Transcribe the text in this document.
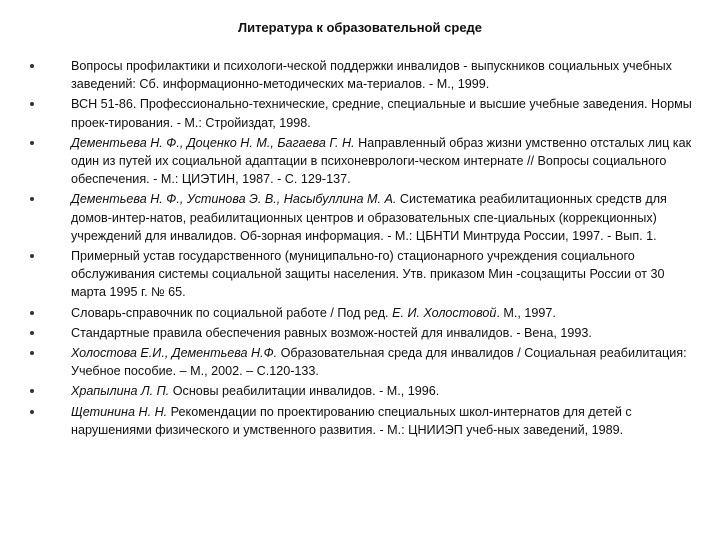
Литература к образовательной среде
Вопросы профилактики и психологи-ческой поддержки инвалидов - выпускников социальных учебных заведений: Сб. информационно-методических ма-териалов. - М., 1999.
ВСН 51-86. Профессионально-технические, средние, специальные и высшие учебные заведения. Нормы проек-тирования. - М.: Стройиздат, 1998.
Дементьева Н. Ф., Доценко Н. М., Багаева Г. Н. Направленный образ жизни умственно отсталых лиц как один из путей их социальной адаптации в психоневрологи-ческом интернате // Вопросы социального обеспечения. - М.: ЦИЭТИН, 1987. - С. 129-137.
Дементьева Н. Ф., Устинова Э. В., Насыбуллина М. А. Систематика реабилитационных средств для домов-интер-натов, реабилитационных центров и образовательных спе-циальных (коррекционных) учреждений для инвалидов. Об-зорная информация. - М.: ЦБНТИ Минтруда России, 1997. - Вып. 1.
Примерный устав государственного (муниципально-го) стационарного учреждения социального обслуживания системы социальной защиты населения. Утв. приказом Мин -соцзащиты России от 30 марта 1995 г. № 65.
Словарь-справочник по социальной работе / Под ред. Е. И. Холостовой. М., 1997.
Стандартные правила обеспечения равных возмож-ностей для инвалидов. - Вена, 1993.
Холостова Е.И., Дементьева Н.Ф. Образовательная среда для инвалидов / Социальная реабилитация: Учебное пособие. – М., 2002. – С.120-133.
Храпылина Л. П. Основы реабилитации инвалидов. - М., 1996.
Щетинина Н. Н. Рекомендации по проектированию специальных школ-интернатов для детей с нарушениями физического и умственного развития. - М.: ЦНИИЭП учеб-ных заведений, 1989.
